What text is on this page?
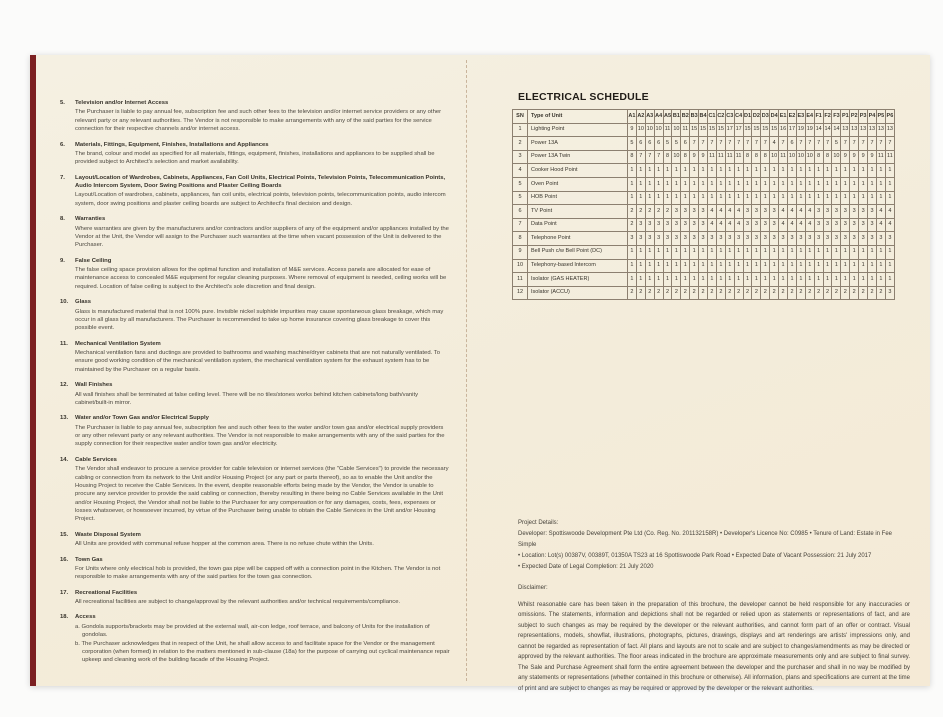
5.	Television and/or Internet Access

The Purchaser is liable to pay annual fee, subscription fee and such other fees to the television and/or internet service providers or any other relevant party or any relevant authorities. The Vendor is not responsible to make arrangements with any of the said parties for the service connection for their respective channels and/or internet access.

6.	Materials, Fittings, Equipment, Finishes, Installations and Appliances

The brand, colour and model as specified for all materials, fittings, equipment, finishes, installations and appliances to be supplied shall be provided subject to Architect's selection and market availability.

7.	Layout/Location of Wardrobes, Cabinets, Appliances, Fan Coil Units, Electrical Points, Television Points, Telecommunication Points, Audio Intercom System, Door Swing Positions and Plaster Ceiling Boards

Layout/Location of wardrobes, cabinets, appliances, fan coil units, electrical points, television points, telecommunication points, audio intercom system, door swing positions and plaster ceiling boards are subject to Architect's final decision and design.

8.	Warranties

Where warranties are given by the manufacturers and/or contractors and/or suppliers of any of the equipment and/or appliances installed by the Vendor at the Unit, the Vendor will assign to the Purchaser such warranties at the time when vacant possession of the Unit is delivered to the Purchaser.

9.	False Ceiling

The false ceiling space provision allows for the optimal function and installation of M&E services. Access panels are allocated for ease of maintenance access to concealed M&E equipment for regular cleaning purposes. Where removal of equipment is needed, ceiling works will be required. Location of false ceiling is subject to the Architect's sole discretion and final design.

10.	Glass

Glass is manufactured material that is not 100% pure. Invisible nickel sulphide impurities may cause spontaneous glass breakage, which may occur in all glass by all manufacturers. The Purchaser is recommended to take up home insurance covering glass breakage to cover this possible event.

11.	Mechanical Ventilation System

Mechanical ventilation fans and ductings are provided to bathrooms and washing machine/dryer cabinets that are not naturally ventilated. To ensure good working condition of the mechanical ventilation system, the mechanical ventilation system for the exhaust system has to be maintained by the Purchaser on a regular basis.

12.	Wall Finishes

All wall finishes shall be terminated at false ceiling level. There will be no tiles/stones works behind kitchen cabinets/long bath/vanity cabinet/built-in mirror.

13.	Water and/or Town Gas and/or Electrical Supply

The Purchaser is liable to pay annual fee, subscription fee and such other fees to the water and/or town gas and/or electrical supply providers or any other relevant party or any relevant authorities. The Vendor is not responsible to make arrangements with any of the said parties for the supply connection for their respective water and/or town gas and/or electricity.

14.	Cable Services

The Vendor shall endeavor to procure a service provider for cable television or internet services (the "Cable Services") to provide the necessary cabling or connection from its network to the Unit and/or Housing Project (or any part or parts thereof), so as to enable the Unit and/or the Housing Project to receive the Cable Services. In the event, despite reasonable efforts being made by the Vendor, the Vendor is unable to procure any service provider to provide the said cabling or connection, thereby resulting in there being no Cable Services available in the Unit and/or Housing Project, the Vendor shall not be liable to the Purchaser for any compensation or for any damages, costs, fees, expenses or losses whatsoever, or howsoever incurred, by virtue of the Purchaser being unable to obtain the Cable Services in the Unit and/or Housing Project.

15.	Waste Disposal System

All Units are provided with communal refuse hopper at the common area. There is no refuse chute within the Units.

16.	Town Gas

For Units where only electrical hob is provided, the town gas pipe will be capped off with a connection point in the Kitchen. The Vendor is not responsible to make arrangements with any of the said parties for the town gas connection.

17.	Recreational Facilities

All recreational facilities are subject to change/approval by the relevant authorities and/or technical requirements/compliance.

18.	Access

a. Gondola supports/brackets may be provided at the external wall, air-con ledge, roof terrace, and balcony of Units for the installation of gondolas.

b. The Purchaser acknowledges that in respect of the Unit, he shall allow access to and facilitate space for the Vendor or the management corporation (when formed) in relation to the matters mentioned in sub-clause (18a) for the purpose of carrying out cyclical maintenance repair upkeep and cleaning work of the building facade of the Housing Project.

ELECTRICAL SCHEDULE
SN	Type of Unit	A1	A2	A3	A4	A5	B1	B2	B3	B4	C1	C2	C3	C4	D1	D2	D3	D4	E1	E2	E3	E4	F1	F2	F3	P1	P2	P3	P4	P5	P6
1	Lighting Point	9	10	10	10	11	10	11	15	15	15	15	17	17	15	15	15	15	16	17	19	19	14	14	14	13	13	13	13	13	13
2	Power 13A	5	6	6	6	5	5	6	7	7	7	7	7	7	7	7	7	4	7	6	7	7	7	7	5	7	7	7	7	7	7
3	Power 13A Twin	8	7	7	7	8	10	8	9	9	11	11	11	11	8	8	8	10	11	10	10	10	8	8	10	9	9	9	9	11	11
4	Cooker Hood Point	1	1	1	1	1	1	1	1	1	1	1	1	1	1	1	1	1	1	1	1	1	1	1	1	1	1	1	1	1	1
5	Oven Point	1	1	1	1	1	1	1	1	1	1	1	1	1	1	1	1	1	1	1	1	1	1	1	1	1	1	1	1	1	1
5	HOB Point	1	1	1	1	1	1	1	1	1	1	1	1	1	1	1	1	1	1	1	1	1	1	1	1	1	1	1	1	1	1
6	TV Point	2	2	2	2	2	3	3	3	3	4	4	4	4	3	3	3	3	4	4	4	4	3	3	3	3	3	3	3	4	4
7	Data Point	2	3	3	3	3	3	3	3	3	4	4	4	4	3	3	3	3	4	4	4	4	3	3	3	3	3	3	3	4	4
8	Telephone Point	3	3	3	3	3	3	3	3	3	3	3	3	3	3	3	3	3	3	3	3	3	3	3	3	3	3	3	3	3	3
9	Bell Push c/w Bell Point (DC)	1	1	1	1	1	1	1	1	1	1	1	1	1	1	1	1	1	1	1	1	1	1	1	1	1	1	1	1	1	1
10	Telephony-based Intercom	1	1	1	1	1	1	1	1	1	1	1	1	1	1	1	1	1	1	1	1	1	1	1	1	1	1	1	1	1	1
11	Isolator (GAS HEATER)	1	1	1	1	1	1	1	1	1	1	1	1	1	1	1	1	1	1	1	1	1	1	1	1	1	1	1	1	1	1
12	Isolator (ACCU)	2	2	2	2	2	2	2	2	2	2	2	2	2	2	2	2	2	2	2	2	2	2	2	2	2	2	2	2	2	3
Project Details:
Developer: Spottiswoode Development Pte Ltd (Co. Reg. No. 201132158R) • Developer's Licence No: C0985 • Tenure of Land: Estate in Fee Simple
• Location: Lot(s) 00387V, 00389T, 01350A TS23 at 16 Spottiswoode Park Road • Expected Date of Vacant Possession: 21 July 2017
• Expected Date of Legal Completion: 21 July 2020
Disclaimer:
Whilst reasonable care has been taken in the preparation of this brochure, the developer cannot be held responsible for any inaccuracies or omissions. The statements, information and depictions shall not be regarded or relied upon as statements or representations of fact, and are subject to such changes as may be required by the developer or the relevant authorities, and cannot form part of an offer or contract. Visual representations, models, showflat, illustrations, photographs, pictures, drawings, displays and art renderings are artists' impressions only, and cannot be regarded as representation of fact. All plans and layouts are not to scale and are subject to changes/amendments as may be directed or approved by the relevant authorities. The floor areas indicated in the brochure are approximate measurements only and are subject to final survey. The Sale and Purchase Agreement shall form the entire agreement between the developer and the purchaser and shall in no way be modified by any statements or representations (whether contained in this brochure or otherwise). All information, plans and specifications are current at the time of print and are subject to changes as may be required or approved by the developer or the relevant authorities.
